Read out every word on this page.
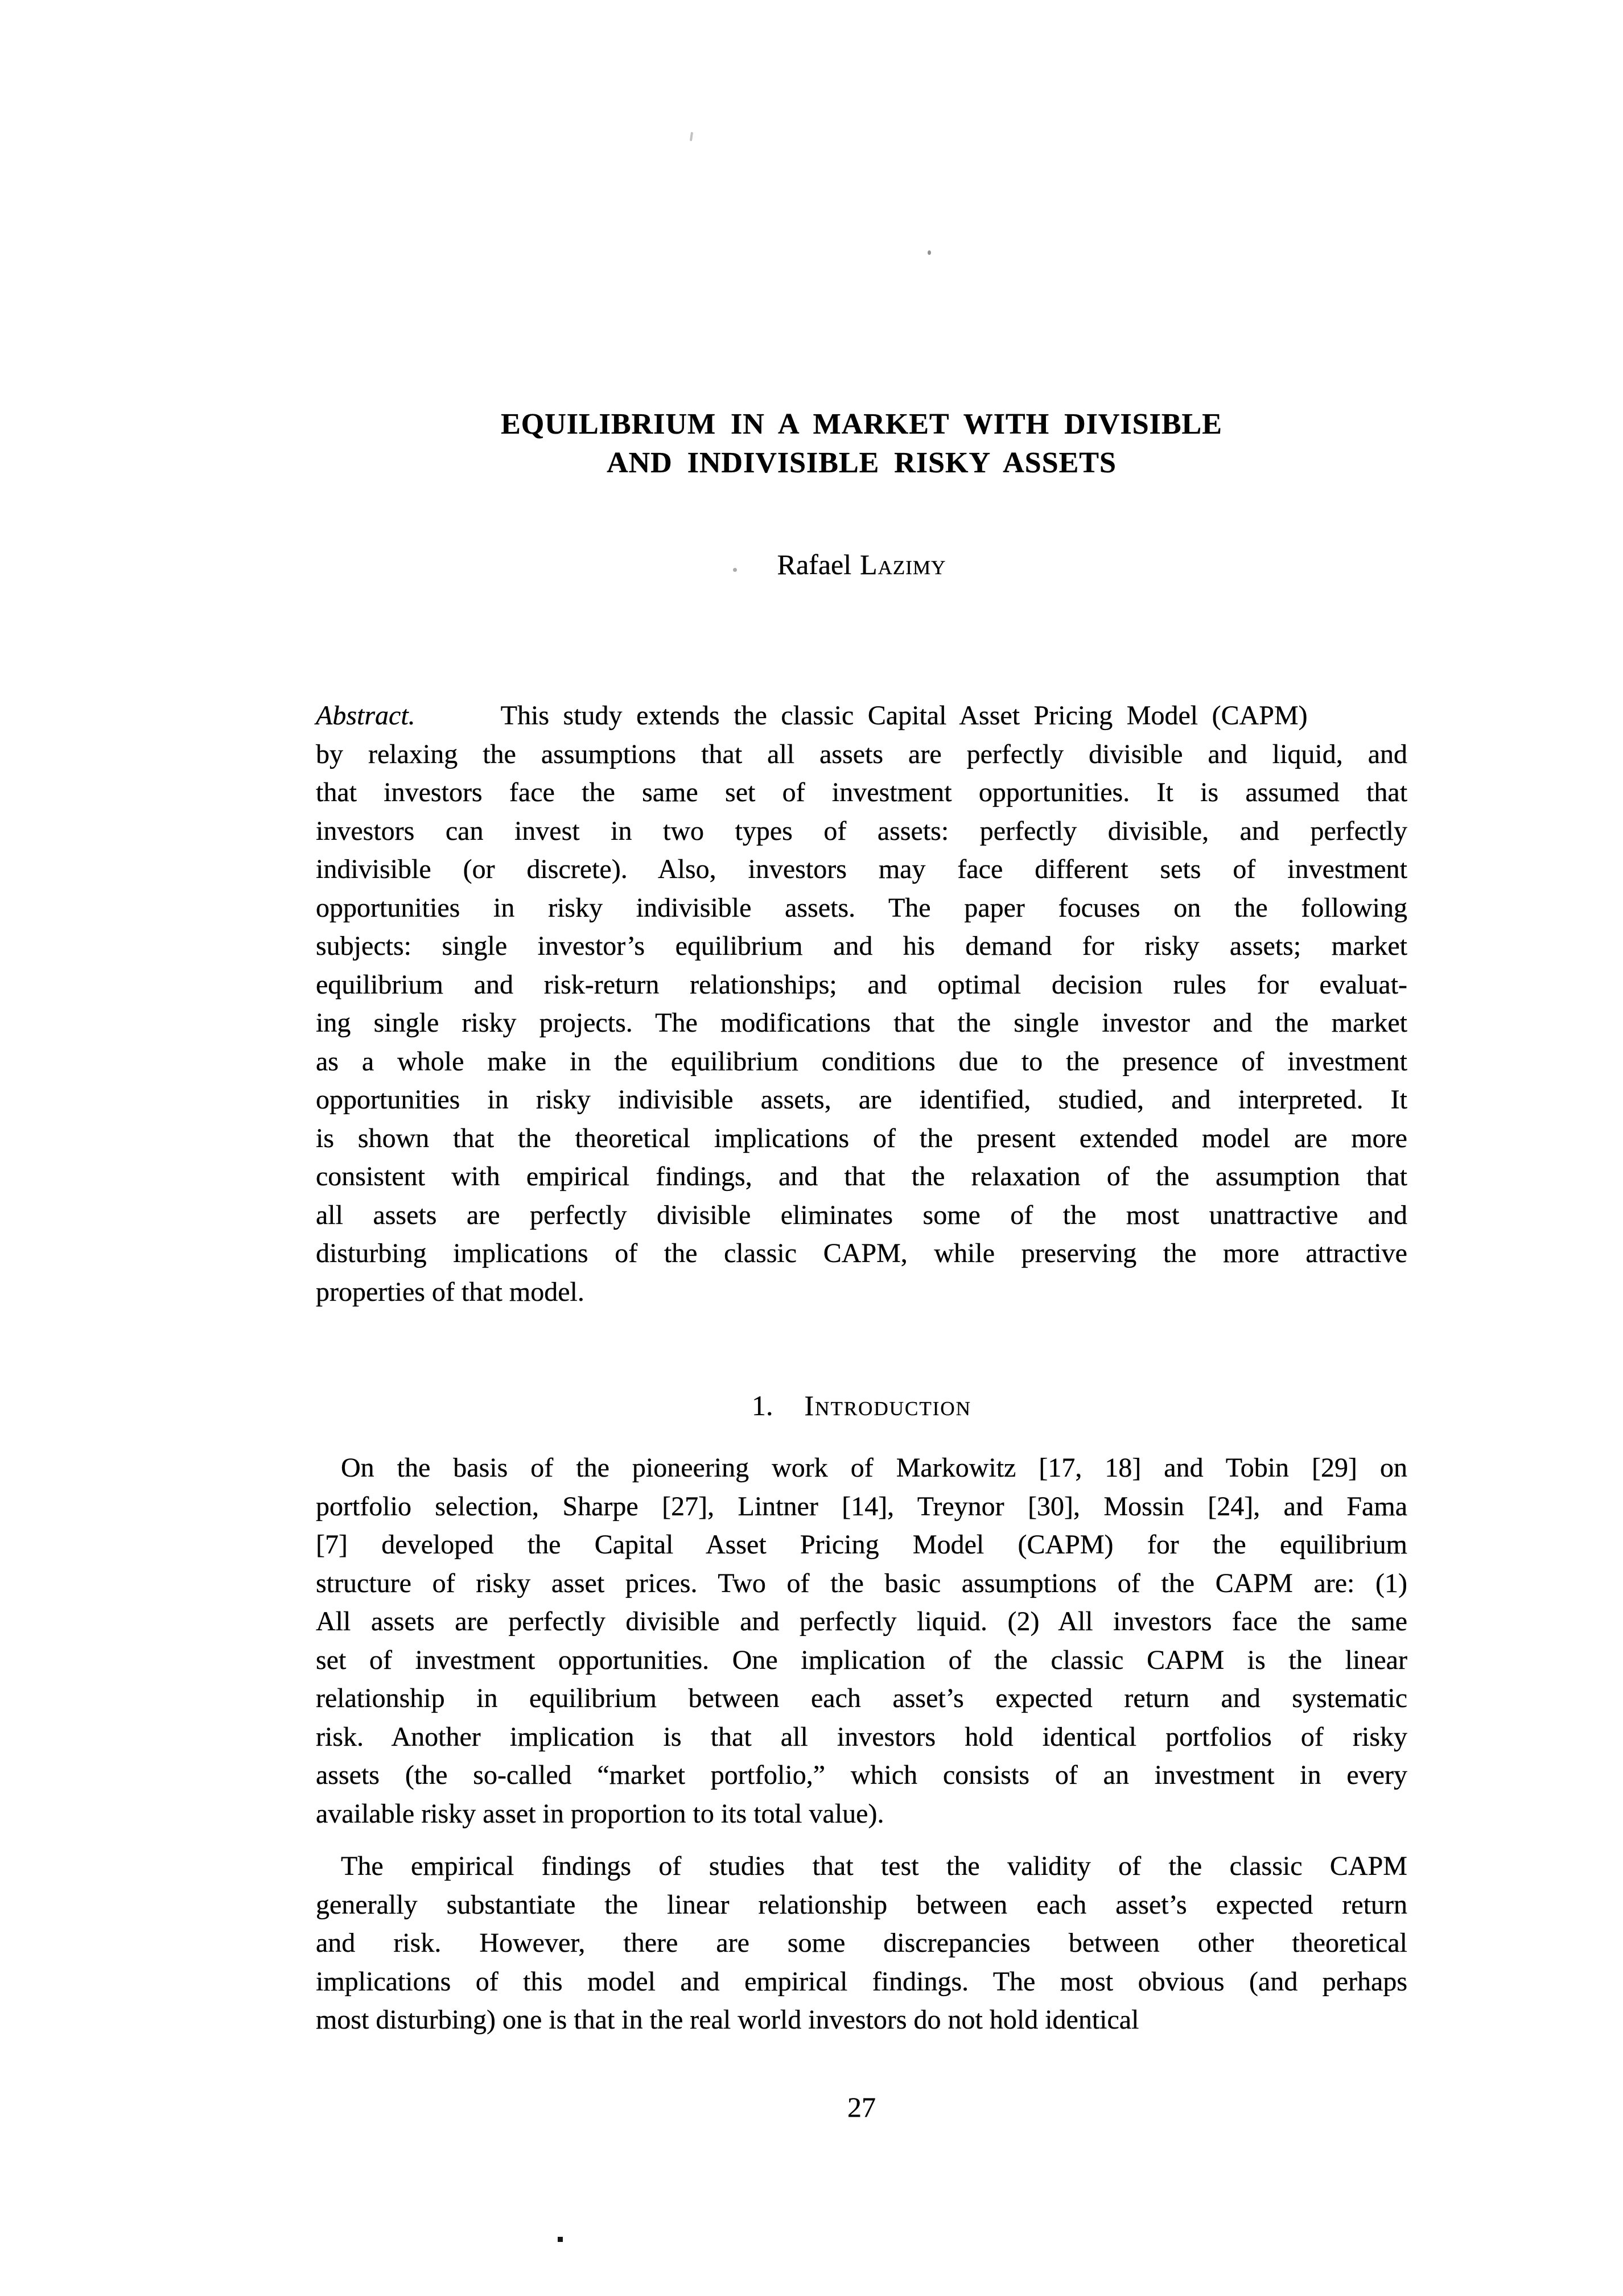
EQUILIBRIUM IN A MARKET WITH DIVISIBLE
AND INDIVISIBLE RISKY ASSETS
Rafael Lazimy
Abstract.	This study extends the classic Capital Asset Pricing Model (CAPM)
by relaxing the assumptions that all assets are perfectly divisible and liquid, and
that investors face the same set of investment opportunities. It is assumed that
investors can invest in two types of assets: perfectly divisible, and perfectly
indivisible (or discrete). Also, investors may face different sets of investment
opportunities in risky indivisible assets. The paper focuses on the following
subjects: single investor’s equilibrium and his demand for risky assets; market
equilibrium and risk-return relationships; and optimal decision rules for evaluat-
ing single risky projects. The modifications that the single investor and the market
as a whole make in the equilibrium conditions due to the presence of investment
opportunities in risky indivisible assets, are identified, studied, and interpreted. It
is shown that the theoretical implications of the present extended model are more
consistent with empirical findings, and that the relaxation of the assumption that
all assets are perfectly divisible eliminates some of the most unattractive and
disturbing implications of the classic CAPM, while preserving the more attractive
properties of that model.
1. Introduction
On the basis of the pioneering work of Markowitz [17, 18] and Tobin [29] on
portfolio selection, Sharpe [27], Lintner [14], Treynor [30], Mossin [24], and Fama
[7] developed the Capital Asset Pricing Model (CAPM) for the equilibrium
structure of risky asset prices. Two of the basic assumptions of the CAPM are: (1)
All assets are perfectly divisible and perfectly liquid. (2) All investors face the same
set of investment opportunities. One implication of the classic CAPM is the linear
relationship in equilibrium between each asset’s expected return and systematic
risk. Another implication is that all investors hold identical portfolios of risky
assets (the so-called “market portfolio,” which consists of an investment in every
available risky asset in proportion to its total value).
The empirical findings of studies that test the validity of the classic CAPM
generally substantiate the linear relationship between each asset’s expected return
and risk. However, there are some discrepancies between other theoretical
implications of this model and empirical findings. The most obvious (and perhaps
most disturbing) one is that in the real world investors do not hold identical
27
